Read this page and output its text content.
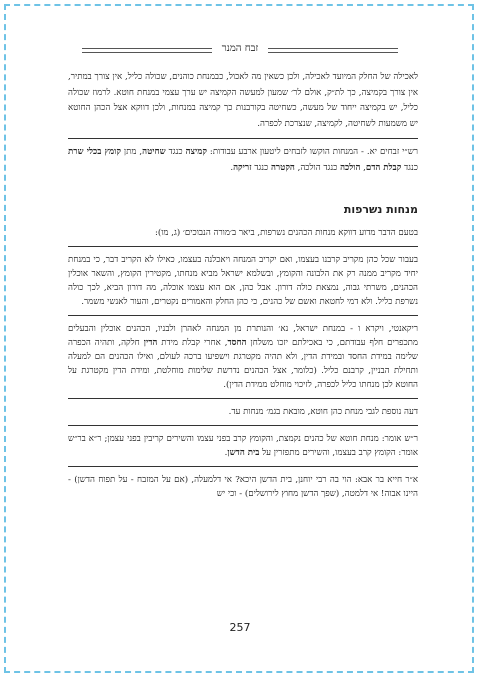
זבח המנר

לאכילה של החלק המיועד לאכילה, ולכן כשאין מה לאכול, כבמנחת כוהנים, שכולה כליל, אין צורך במתיר, אין צורך בקמיצה, כך לת״ק, אולם לר׳ שמעון למעשה הקמיצה יש ערך עצמי במנחת חוטא. לרמוז שכולה כליל, יש בקמיצה ייחוד של מעשה, כשחיטה בקורבנות כך קמיצה במנחות, ולכן דווקא אצל הכהן החוטא יש משמעות לשחיטה, לקמיצה, שנצרכת לכפרה.

רש״י זבחים יא. - המנחות הוקשו לזבחים ליטעון ארבע עבודות: קמיצה כנגד שחיטה, מתן קומץ בכלי שרת כנגד קבלת הדם, הולכה כנגד הולכה, הקטרה כנגד זריקה.

מנחות נשרפות

בטעם הדבר מדוע דווקא מנחות הכהנים נשרפות, ביאר ב׳מורה הנבוכים׳ (ג, מו):

בעבור שכל כהן מקריב קרבנו בעצמו, ואם יקריב המנחה ויאכלנה בעצמו, כאילו לא הקריב דבר, כי במנחת יחיד מקריב ממנה רק את הלבונה והקומץ, ובשלמא ישראל מביא מנחתו, מקטירין הקומץ, והשאר אוכלין הכהנים, משרתי גבוה, נמצאת כולה דורון. אבל כהן, אם הוא עצמו אוכלה, מה דורון הביא, לכך כולה נשרפת כליל. ולא דמי לחטאת ואשם של כהנים, כי כהן החלק והאמורים נקטרים, והעור לאנשי משמר.

ריקאנטי, ויקרא ו - במנחת ישראל, נא׳ והנותרת מן המנחה לאהרן ולבניו, הכהנים אוכלין והבעלים מתכפרים חלף עבודתם, כי באכילתם יזכו משלחן החסד, אחרי קבלת מידת הדין חלקה, ותהיה הכפרה שלימה במידת החסד ובמידת הדין, ולא תהיה מקטרגת וישפיעו ברכה לעולם, ואילו הכהנים הם למעלה ותחילת הבניין, קרבנם כליל. (כלומר, אצל הכהנים נדרשת שלימות מוחלטת, ומידת הדין מקטרגת על החוטא לכן מנחתו כליל לכפרה, לזיכוי מוחלט ממידת הדין).

דעה נוספת לגבי מנחת כהן חוטא, מובאת בגמ׳ מנחות עד.

ר״ש אומר: מנחת חוטא של כהנים נקמצת, והקומץ קרב בפני עצמו והשירים קריבין בפני עצמן; ר״א בר״ש אומר: הקומץ קרב בעצמו, והשירים מתפזרין על בית הדשן.

א״ר חייא בר אבא: הוי בה רבי יוחנן, בית הדשן היכא? אי דלמעלה, (אם על המזבח - על תפוח הדשן) - היינו אבוה! אי דלמטה, (שפך הדשן מחוץ לירושלים) - וכי יש

257
